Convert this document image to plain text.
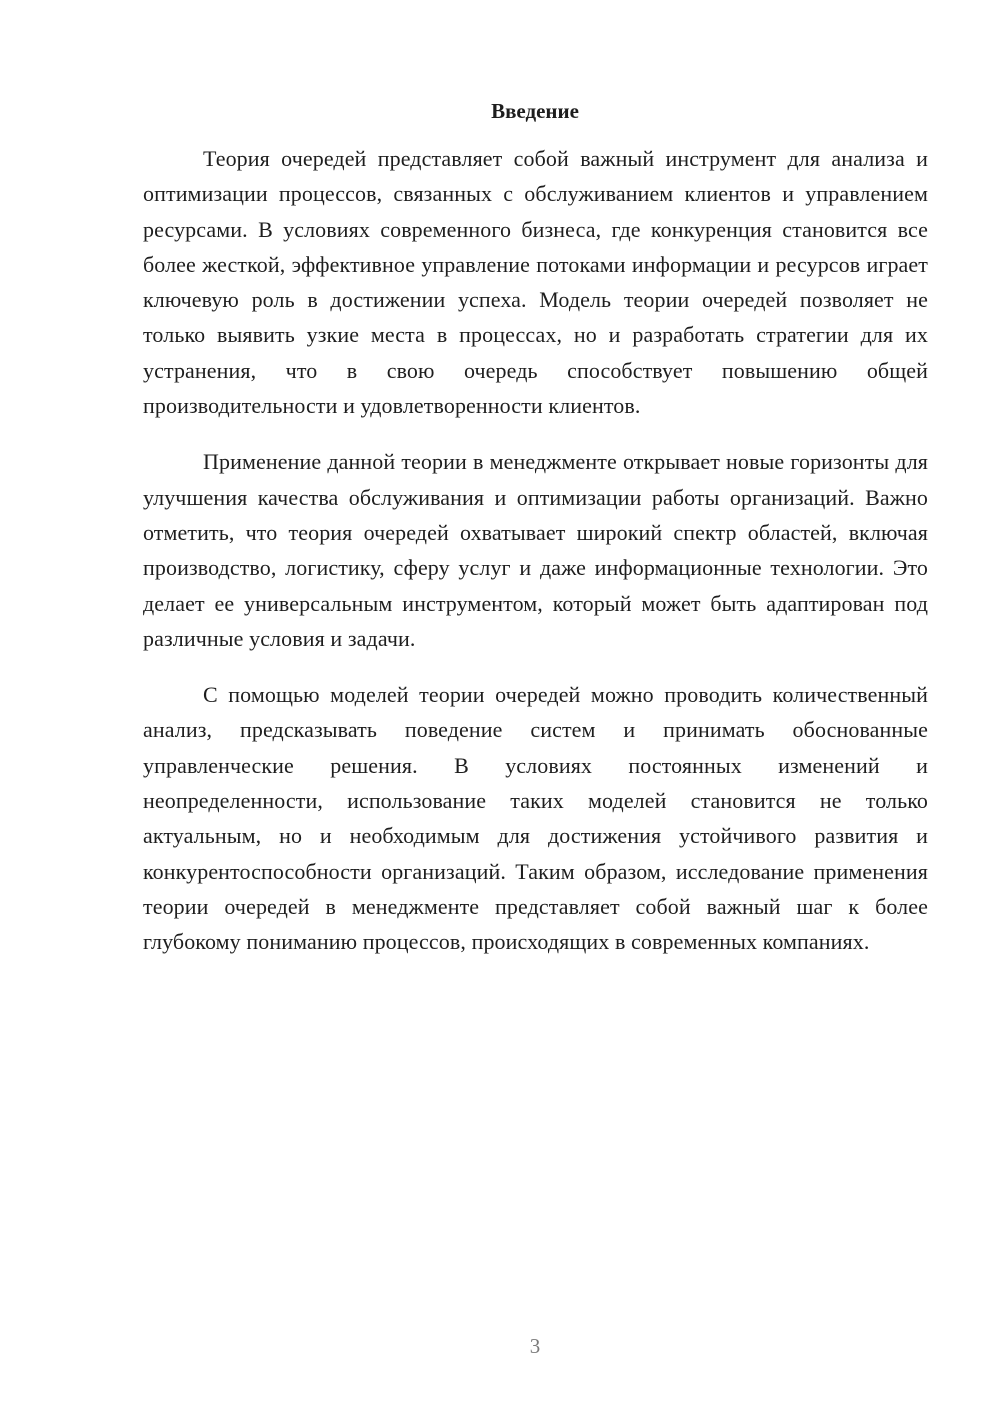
Введение

Теория очередей представляет собой важный инструмент для анализа и оптимизации процессов, связанных с обслуживанием клиентов и управлением ресурсами. В условиях современного бизнеса, где конкуренция становится все более жесткой, эффективное управление потоками информации и ресурсов играет ключевую роль в достижении успеха. Модель теории очередей позволяет не только выявить узкие места в процессах, но и разработать стратегии для их устранения, что в свою очередь способствует повышению общей производительности и удовлетворенности клиентов.

Применение данной теории в менеджменте открывает новые горизонты для улучшения качества обслуживания и оптимизации работы организаций. Важно отметить, что теория очередей охватывает широкий спектр областей, включая производство, логистику, сферу услуг и даже информационные технологии. Это делает ее универсальным инструментом, который может быть адаптирован под различные условия и задачи.

С помощью моделей теории очередей можно проводить количественный анализ, предсказывать поведение систем и принимать обоснованные управленческие решения. В условиях постоянных изменений и неопределенности, использование таких моделей становится не только актуальным, но и необходимым для достижения устойчивого развития и конкурентоспособности организаций. Таким образом, исследование применения теории очередей в менеджменте представляет собой важный шаг к более глубокому пониманию процессов, происходящих в современных компаниях.

3
